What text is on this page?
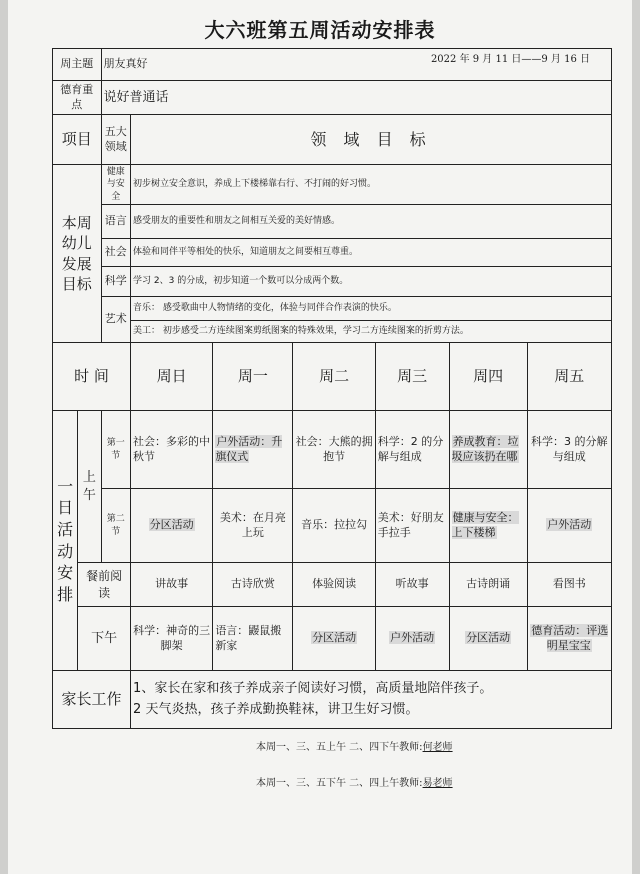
大六班第五周活动安排表
2022 年 9 月 11 日——9 月 16 日
周主题		朋友真好						
德育重点		说好普通话						
项目		五大领域	领 域 目 标					
本周幼儿发展目标		健康与安全	初步树立安全意识，养成上下楼梯靠右行、不打闹的好习惯。					
		语言	感受朋友的重要性和朋友之间相互关爱的美好情感。					
		社会	体验和同伴平等相处的快乐，知道朋友之间要相互尊重。					
		科学	学习 2、3 的分成，初步知道一个数可以分成两个数。					
		艺术	音乐： 感受歌曲中人物情绪的变化，体验与同伴合作表演的快乐。					
			美工： 初步感受二方连续图案剪纸图案的特殊效果，学习二方连续图案的折剪方法。					
时 间			周日	周一	周二	周三	周四	周五
一日活动安排	上午	第一节	社会：多彩的中秋节	户外活动：升旗仪式	社会：大熊的拥抱节	科学：2 的分解与组成	养成教育：垃圾应该扔在哪	科学：3 的分解与组成
		第二节	分区活动	美术：在月亮上玩	音乐：拉拉勾	美术：好朋友手拉手	健康与安全：上下楼梯	户外活动
	餐前阅读		讲故事	古诗欣赏	体验阅读	听故事	古诗朗诵	看图书
	下午		科学：神奇的三脚架	语言：鼹鼠搬新家	分区活动	户外活动	分区活动	德育活动：评选明星宝宝
家长工作			1、家长在家和孩子养成亲子阅读好习惯，高质量地陪伴孩子。
2 天气炎热，孩子养成勤换鞋袜，讲卫生好习惯。					
本周一、三、五上午 二、四下午教师:何老师
本周一、三、五下午 二、四上午教师:易老师
